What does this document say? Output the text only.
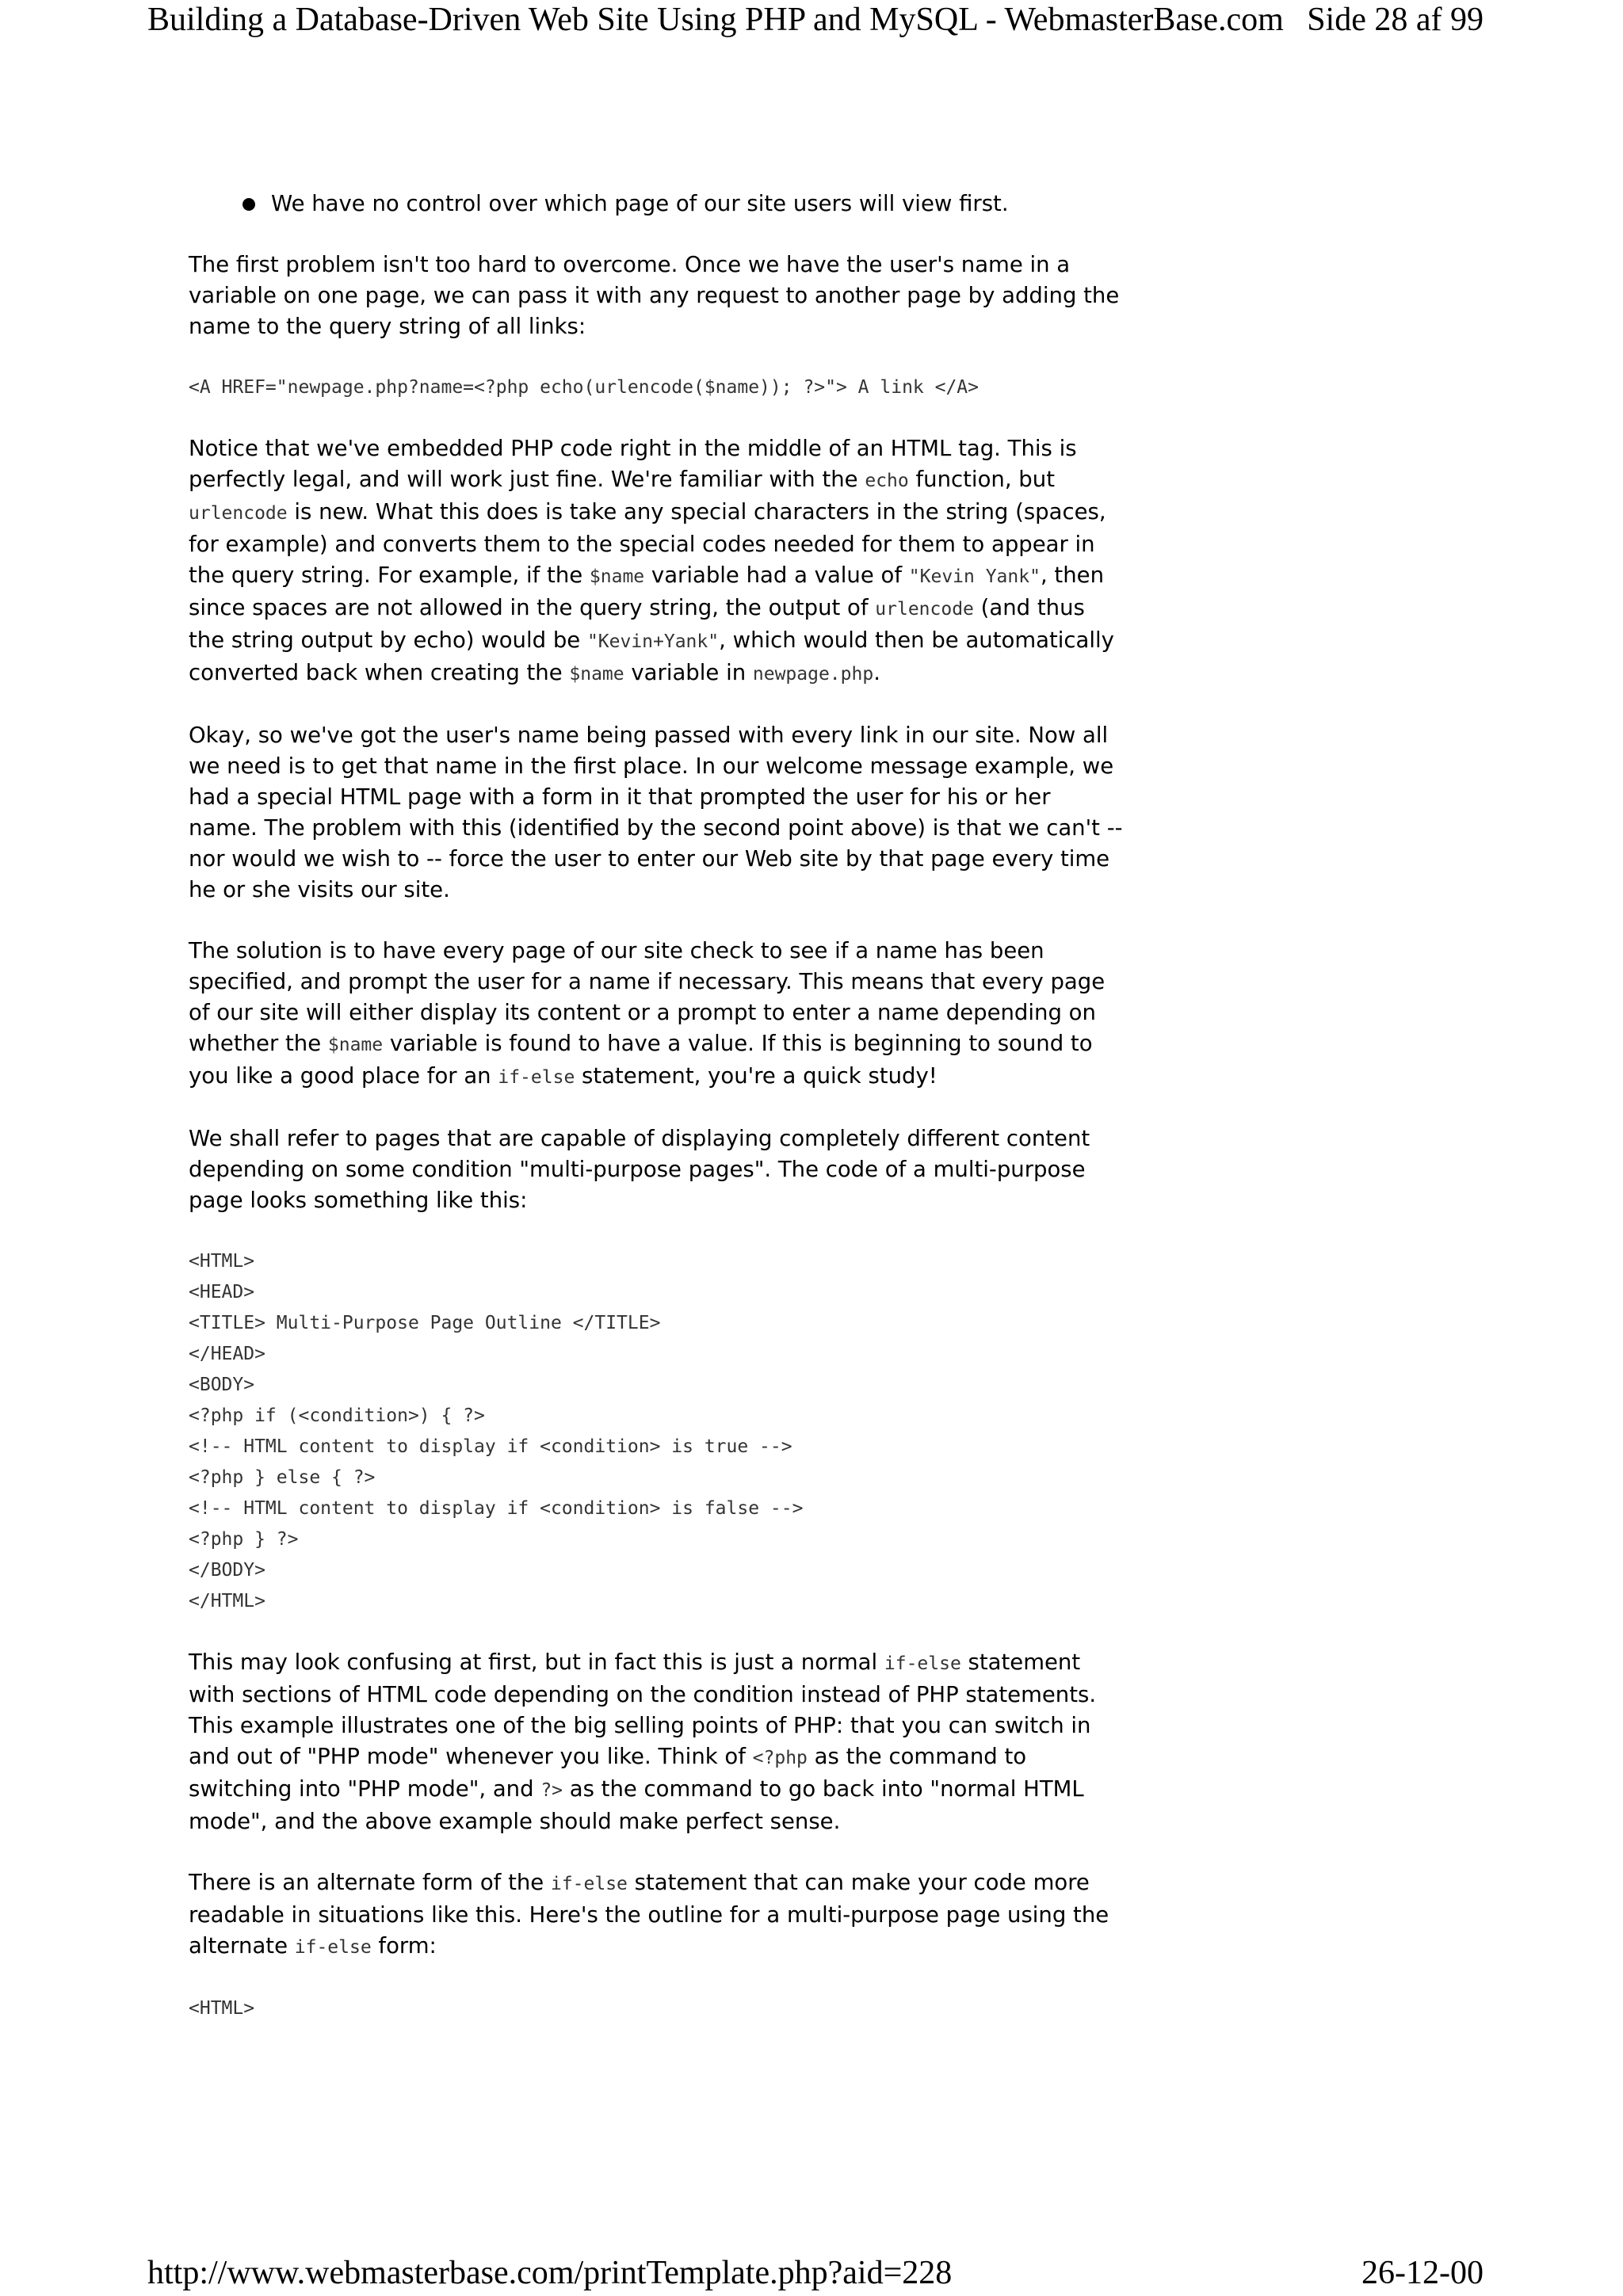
Building a Database-Driven Web Site Using PHP and MySQL - WebmasterBase.com Side 28 af 99
We have no control over which page of our site users will view first.

The first problem isn't too hard to overcome. Once we have the user's name in a variable on one page, we can pass it with any request to another page by adding the name to the query string of all links:

<A HREF="newpage.php?name=<?php echo(urlencode($name)); ?>"> A link </A>

Notice that we've embedded PHP code right in the middle of an HTML tag. This is perfectly legal, and will work just fine. We're familiar with the echo function, but urlencode is new. What this does is take any special characters in the string (spaces, for example) and converts them to the special codes needed for them to appear in the query string. For example, if the $name variable had a value of "Kevin Yank", then since spaces are not allowed in the query string, the output of urlencode (and thus the string output by echo) would be "Kevin+Yank", which would then be automatically converted back when creating the $name variable in newpage.php.

Okay, so we've got the user's name being passed with every link in our site. Now all we need is to get that name in the first place. In our welcome message example, we had a special HTML page with a form in it that prompted the user for his or her name. The problem with this (identified by the second point above) is that we can't -- nor would we wish to -- force the user to enter our Web site by that page every time he or she visits our site.

The solution is to have every page of our site check to see if a name has been specified, and prompt the user for a name if necessary. This means that every page of our site will either display its content or a prompt to enter a name depending on whether the $name variable is found to have a value. If this is beginning to sound to you like a good place for an if-else statement, you're a quick study!

We shall refer to pages that are capable of displaying completely different content depending on some condition "multi-purpose pages". The code of a multi-purpose page looks something like this:

<HTML>
<HEAD>
<TITLE> Multi-Purpose Page Outline </TITLE>
</HEAD>
<BODY>
<?php if (<condition>) { ?>
<!-- HTML content to display if <condition> is true -->
<?php } else { ?>
<!-- HTML content to display if <condition> is false -->
<?php } ?>
</BODY>
</HTML>

This may look confusing at first, but in fact this is just a normal if-else statement with sections of HTML code depending on the condition instead of PHP statements. This example illustrates one of the big selling points of PHP: that you can switch in and out of "PHP mode" whenever you like. Think of <?php as the command to switching into "PHP mode", and ?> as the command to go back into "normal HTML mode", and the above example should make perfect sense.

There is an alternate form of the if-else statement that can make your code more readable in situations like this. Here's the outline for a multi-purpose page using the alternate if-else form:

<HTML>
http://www.webmasterbase.com/printTemplate.php?aid=228	26-12-00
